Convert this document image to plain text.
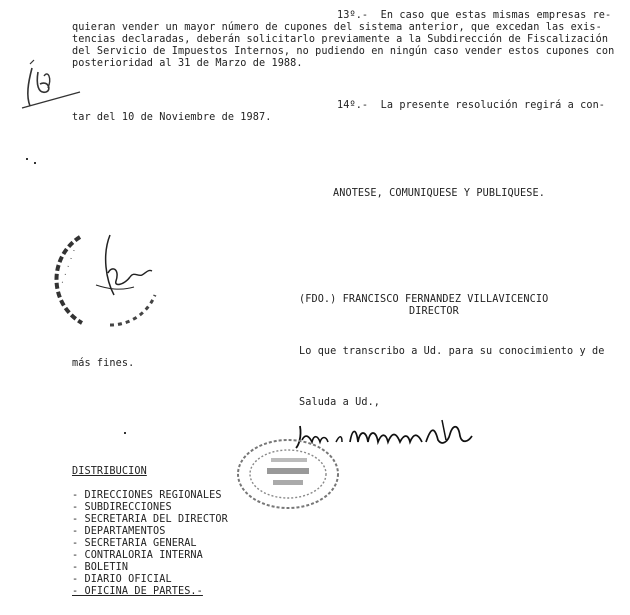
13º.-  En caso que estas mismas empresas re-
quieran vender un mayor número de cupones del sistema anterior, que excedan las exis-
tencias declaradas, deberán solicitarlo previamente a la Subdirección de Fiscalización
del Servicio de Impuestos Internos, no pudiendo en ningún caso vender estos cupones con
posterioridad al 31 de Marzo de 1988.
14º.-  La presente resolución regirá a con-
tar del 10 de Noviembre de 1987.
ANOTESE, COMUNIQUESE Y PUBLIQUESE.
· · · · ·
(FDO.) FRANCISCO FERNANDEZ VILLAVICENCIO
DIRECTOR
Lo que transcribo a Ud. para su conocimiento y de
más fines.
Saluda a Ud.,
DISTRIBUCION
- DIRECCIONES REGIONALES
- SUBDIRECCIONES
- SECRETARIA DEL DIRECTOR
- DEPARTAMENTOS
- SECRETARIA GENERAL
- CONTRALORIA INTERNA
- BOLETIN
- DIARIO OFICIAL
- OFICINA DE PARTES.-
